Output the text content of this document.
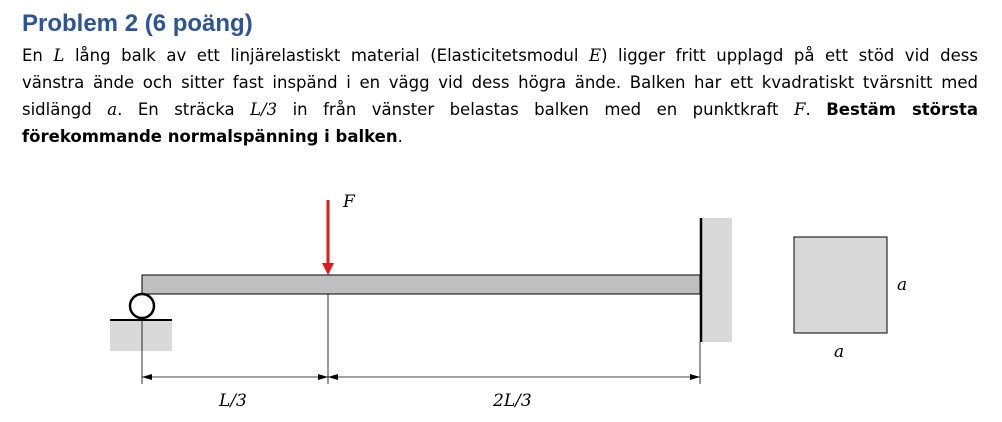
Problem 2 (6 poäng)
En L lång balk av ett linjärelastiskt material (Elasticitetsmodul E) ligger fritt upplagd på ett stöd vid dess
vänstra ände och sitter fast inspänd i en vägg vid dess högra ände. Balken har ett kvadratiskt tvärsnitt med
sidlängd a. En sträcka L/3 in från vänster belastas balken med en punktkraft F. Bestäm största
förekommande normalspänning i balken.
F
L/3	2L/3
a
a
